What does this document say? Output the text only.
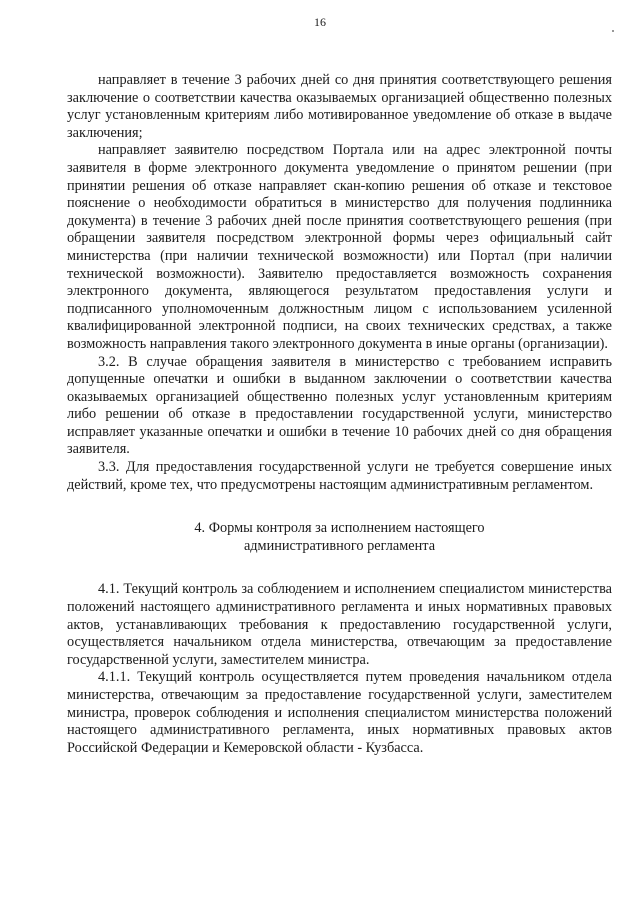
16

направляет в течение 3 рабочих дней со дня принятия соответствующего решения заключение о соответствии качества оказываемых организацией общественно полезных услуг установленным критериям либо мотивированное уведомление об отказе в выдаче заключения;

направляет заявителю посредством Портала или на адрес электронной почты заявителя в форме электронного документа уведомление о принятом решении (при принятии решения об отказе направляет скан-копию решения об отказе и текстовое пояснение о необходимости обратиться в министерство для получения подлинника документа) в течение 3 рабочих дней после принятия соответствующего решения (при обращении заявителя посредством электронной формы через официальный сайт министерства (при наличии технической возможности) или Портал (при наличии технической возможности). Заявителю предоставляется возможность сохранения электронного документа, являющегося результатом предоставления услуги и подписанного уполномоченным должностным лицом с использованием усиленной квалифицированной электронной подписи, на своих технических средствах, а также возможность направления такого электронного документа в иные органы (организации).

3.2. В случае обращения заявителя в министерство с требованием исправить допущенные опечатки и ошибки в выданном заключении о соответствии качества оказываемых организацией общественно полезных услуг установленным критериям либо решении об отказе в предоставлении государственной услуги, министерство исправляет указанные опечатки и ошибки в течение 10 рабочих дней со дня обращения заявителя.

3.3. Для предоставления государственной услуги не требуется совершение иных действий, кроме тех, что предусмотрены настоящим административным регламентом.

4. Формы контроля за исполнением настоящего
административного регламента

4.1. Текущий контроль за соблюдением и исполнением специалистом министерства положений настоящего административного регламента и иных нормативных правовых актов, устанавливающих требования к предоставлению государственной услуги, осуществляется начальником отдела министерства, отвечающим за предоставление государственной услуги, заместителем министра.

4.1.1. Текущий контроль осуществляется путем проведения начальником отдела министерства, отвечающим за предоставление государственной услуги, заместителем министра, проверок соблюдения и исполнения специалистом министерства положений настоящего административного регламента, иных нормативных правовых актов Российской Федерации и Кемеровской области - Кузбасса.
